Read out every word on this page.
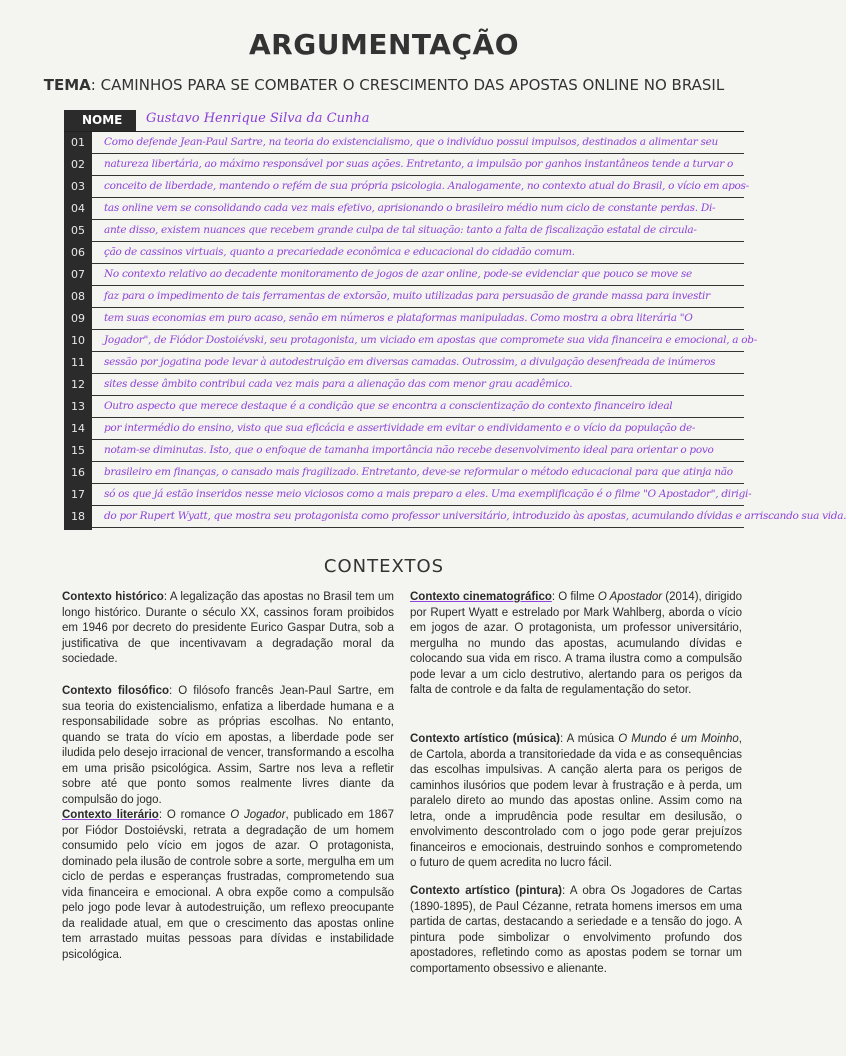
ARGUMENTAÇÃO
TEMA: CAMINHOS PARA SE COMBATER O CRESCIMENTO DAS APOSTAS ONLINE NO BRASIL
NOME	Gustavo Henrique Silva da Cunha
01	Como defende Jean-Paul Sartre, na teoria do existencialismo, que o indivíduo possui impulsos, destinados a alimentar seu
02	natureza libertária, ao máximo responsável por suas ações. Entretanto, a impulsão por ganhos instantâneos tende a turvar o
03	conceito de liberdade, mantendo o refém de sua própria psicologia. Analogamente, no contexto atual do Brasil, o vício em apos-
04	tas online vem se consolidando cada vez mais efetivo, aprisionando o brasileiro médio num ciclo de constante perdas. Di-
05	ante disso, existem nuances que recebem grande culpa de tal situação: tanto a falta de fiscalização estatal de circula-
06	ção de cassinos virtuais, quanto a precariedade econômica e educacional do cidadão comum.
07	No contexto relativo ao decadente monitoramento de jogos de azar online, pode-se evidenciar que pouco se move se
08	faz para o impedimento de tais ferramentas de extorsão, muito utilizadas para persuasão de grande massa para investir
09	tem suas economias em puro acaso, senão em números e plataformas manipuladas. Como mostra a obra literária "O
10	Jogador", de Fiódor Dostoiévski, seu protagonista, um viciado em apostas que compromete sua vida financeira e emocional, a ob-
11	sessão por jogatina pode levar à autodestruição em diversas camadas. Outrossim, a divulgação desenfreada de inúmeros
12	sites desse âmbito contribui cada vez mais para a alienação das com menor grau acadêmico.
13	Outro aspecto que merece destaque é a condição que se encontra a conscientização do contexto financeiro ideal
14	por intermédio do ensino, visto que sua eficácia e assertividade em evitar o endividamento e o vício da população de-
15	notam-se diminutas. Isto, que o enfoque de tamanha importância não recebe desenvolvimento ideal para orientar o povo
16	brasileiro em finanças, o cansado mais fragilizado. Entretanto, deve-se reformular o método educacional para que atinja não
17	só os que já estão inseridos nesse meio viciosos como a mais preparo a eles. Uma exemplificação é o filme "O Apostador", dirigi-
18	do por Rupert Wyatt, que mostra seu protagonista como professor universitário, introduzido às apostas, acumulando dívidas e arriscando sua vida.
CONTEXTOS
Contexto histórico: A legalização das apostas no Brasil tem um longo histórico. Durante o século XX, cassinos foram proibidos em 1946 por decreto do presidente Eurico Gaspar Dutra, sob a justificativa de que incentivavam a degradação moral da sociedade.
Contexto filosófico: O filósofo francês Jean-Paul Sartre, em sua teoria do existencialismo, enfatiza a liberdade humana e a responsabilidade sobre as próprias escolhas. No entanto, quando se trata do vício em apostas, a liberdade pode ser iludida pelo desejo irracional de vencer, transformando a escolha em uma prisão psicológica. Assim, Sartre nos leva a refletir sobre até que ponto somos realmente livres diante da compulsão do jogo.
Contexto literário: O romance O Jogador, publicado em 1867 por Fiódor Dostoiévski, retrata a degradação de um homem consumido pelo vício em jogos de azar. O protagonista, dominado pela ilusão de controle sobre a sorte, mergulha em um ciclo de perdas e esperanças frustradas, comprometendo sua vida financeira e emocional. A obra expõe como a compulsão pelo jogo pode levar à autodestruição, um reflexo preocupante da realidade atual, em que o crescimento das apostas online tem arrastado muitas pessoas para dívidas e instabilidade psicológica.
Contexto cinematográfico: O filme O Apostador (2014), dirigido por Rupert Wyatt e estrelado por Mark Wahlberg, aborda o vício em jogos de azar. O protagonista, um professor universitário, mergulha no mundo das apostas, acumulando dívidas e colocando sua vida em risco. A trama ilustra como a compulsão pode levar a um ciclo destrutivo, alertando para os perigos da falta de controle e da falta de regulamentação do setor.
Contexto artístico (música): A música O Mundo é um Moinho, de Cartola, aborda a transitoriedade da vida e as consequências das escolhas impulsivas. A canção alerta para os perigos de caminhos ilusórios que podem levar à frustração e à perda, um paralelo direto ao mundo das apostas online. Assim como na letra, onde a imprudência pode resultar em desilusão, o envolvimento descontrolado com o jogo pode gerar prejuízos financeiros e emocionais, destruindo sonhos e comprometendo o futuro de quem acredita no lucro fácil.
Contexto artístico (pintura): A obra Os Jogadores de Cartas (1890-1895), de Paul Cézanne, retrata homens imersos em uma partida de cartas, destacando a seriedade e a tensão do jogo. A pintura pode simbolizar o envolvimento profundo dos apostadores, refletindo como as apostas podem se tornar um comportamento obsessivo e alienante.
